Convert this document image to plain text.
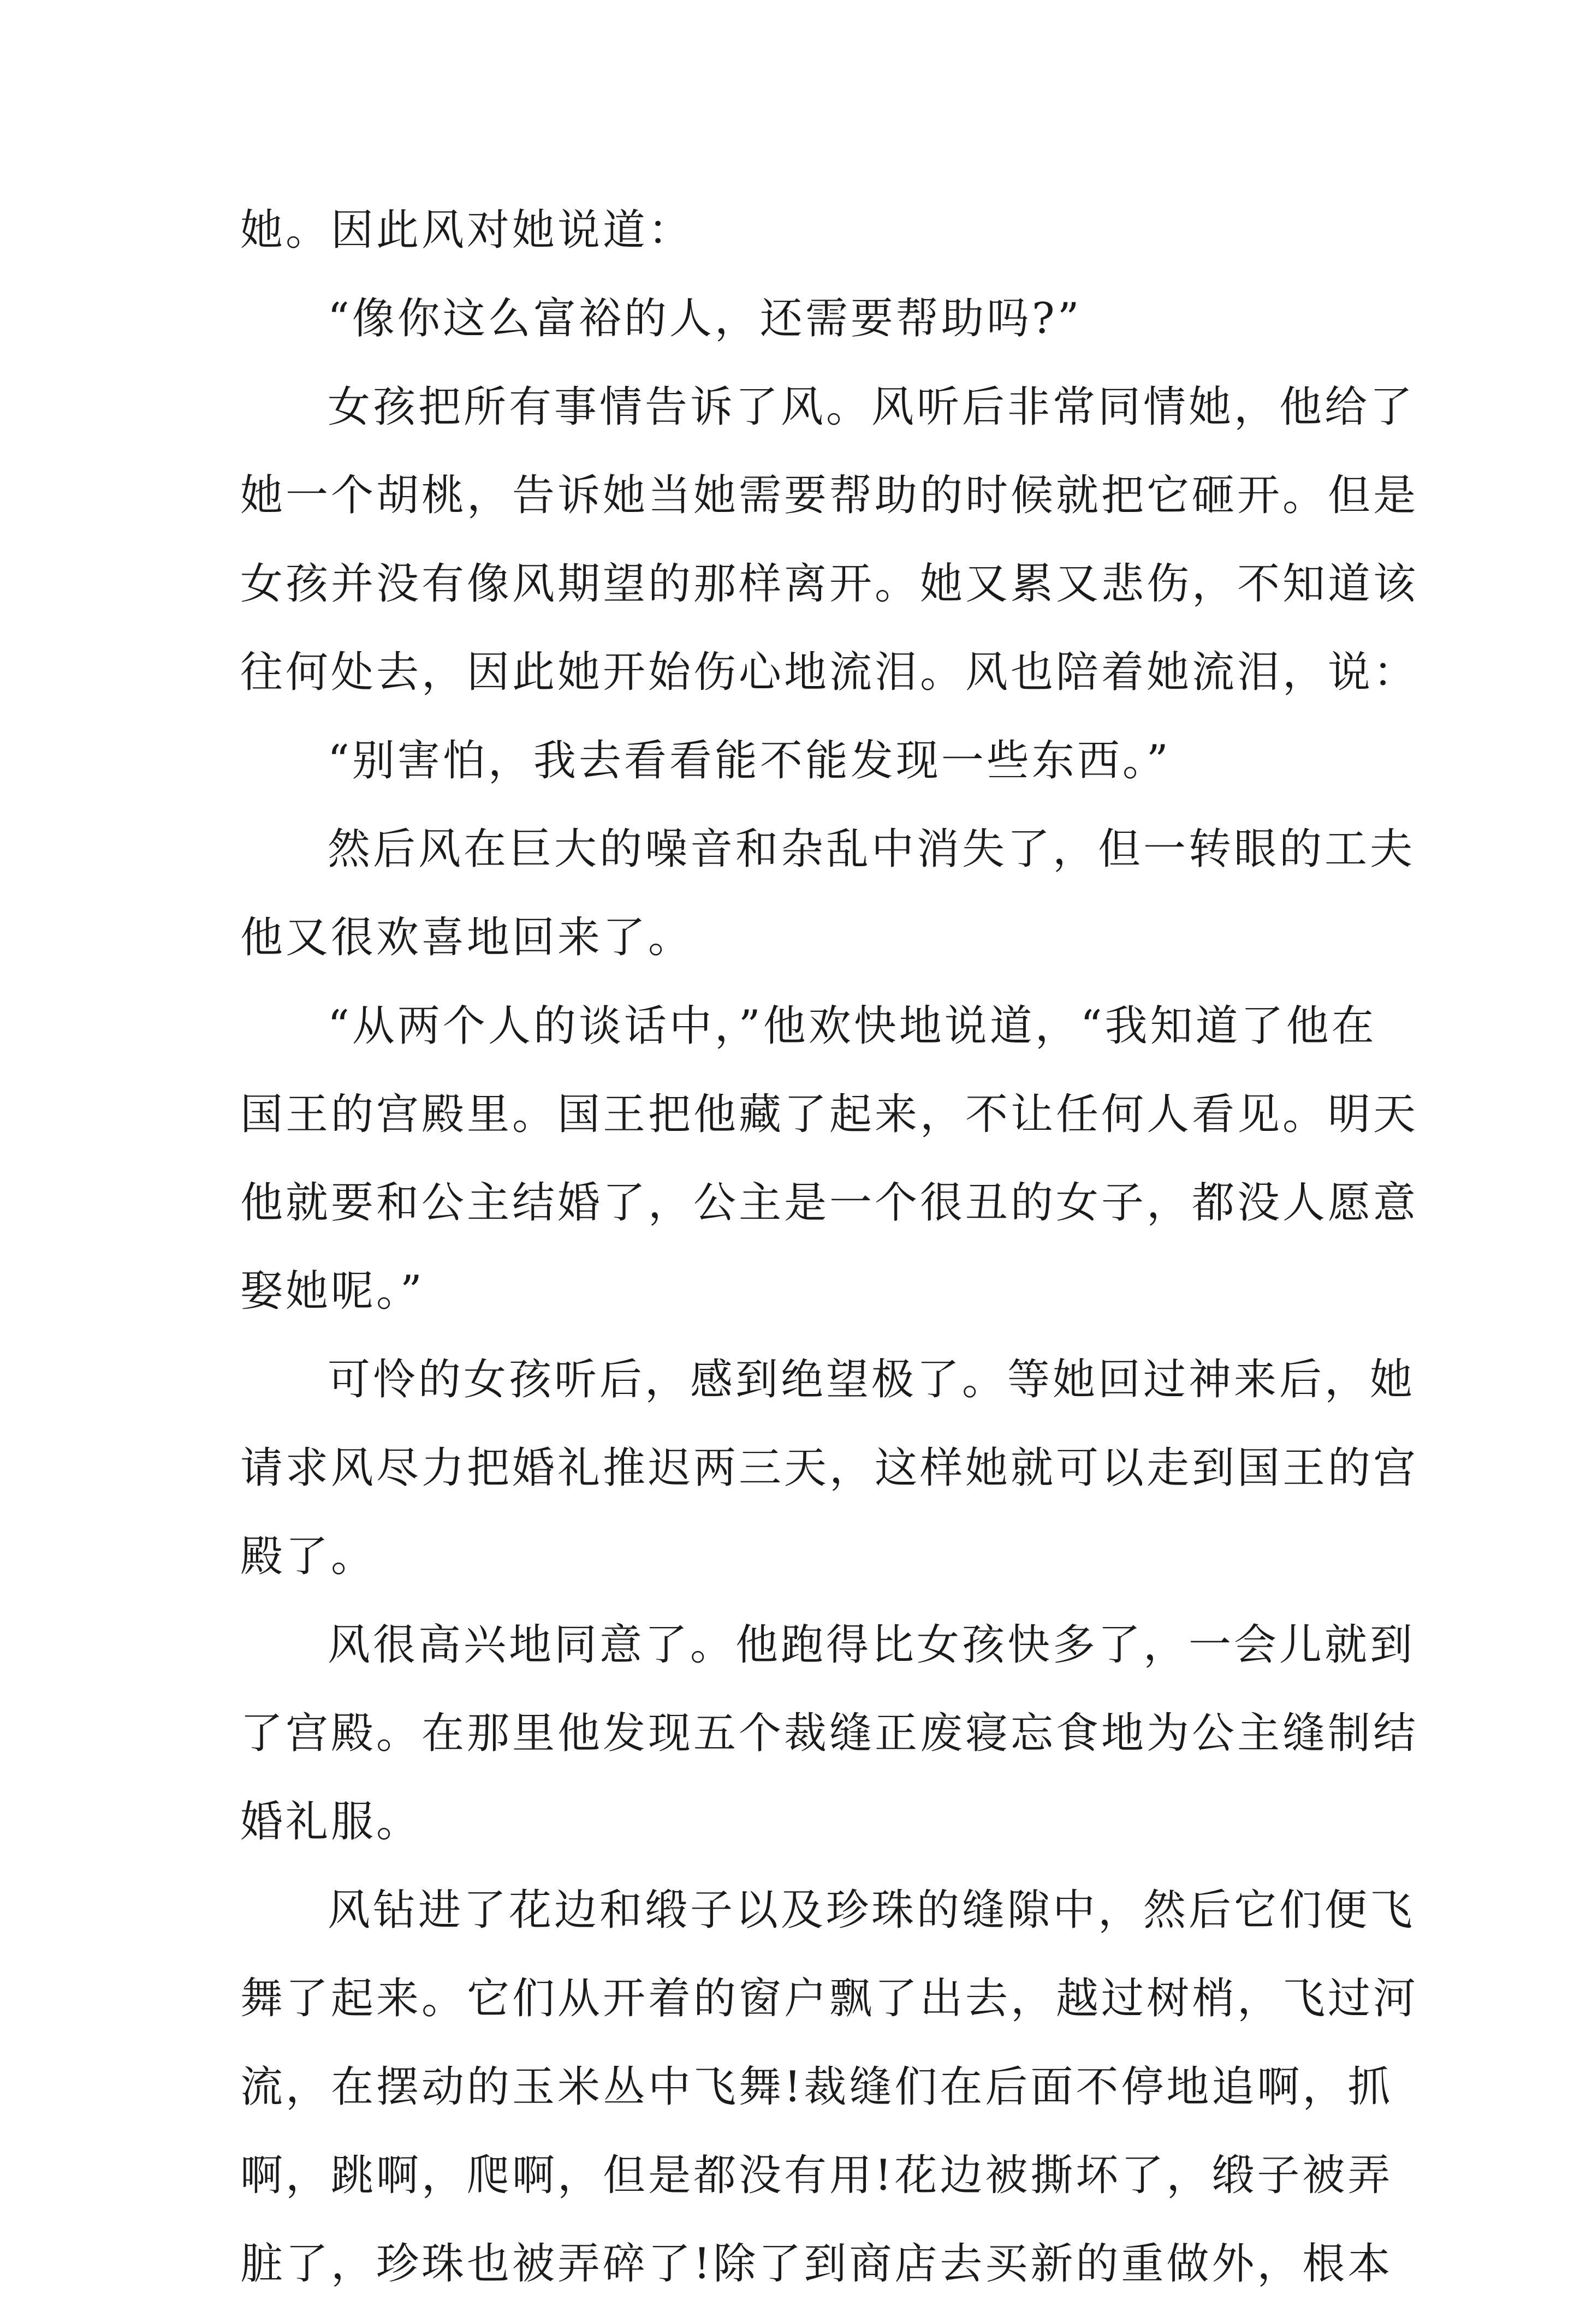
她。因此风对她说道：
“像你这么富裕的人，还需要帮助吗?”
女孩把所有事情告诉了风。风听后非常同情她，他给了
她一个胡桃，告诉她当她需要帮助的时候就把它砸开。但是
女孩并没有像风期望的那样离开。她又累又悲伤，不知道该
往何处去，因此她开始伤心地流泪。风也陪着她流泪，说：
“别害怕，我去看看能不能发现一些东西。”
然后风在巨大的噪音和杂乱中消失了，但一转眼的工夫
他又很欢喜地回来了。
“从两个人的谈话中，”他欢快地说道，“我知道了他在
国王的宫殿里。国王把他藏了起来，不让任何人看见。明天
他就要和公主结婚了，公主是一个很丑的女子，都没人愿意
娶她呢。”
可怜的女孩听后，感到绝望极了。等她回过神来后，她
请求风尽力把婚礼推迟两三天，这样她就可以走到国王的宫
殿了。
风很高兴地同意了。他跑得比女孩快多了，一会儿就到
了宫殿。在那里他发现五个裁缝正废寝忘食地为公主缝制结
婚礼服。
风钻进了花边和缎子以及珍珠的缝隙中，然后它们便飞
舞了起来。它们从开着的窗户飘了出去，越过树梢，飞过河
流，在摆动的玉米丛中飞舞!裁缝们在后面不停地追啊，抓
啊，跳啊，爬啊，但是都没有用!花边被撕坏了，缎子被弄
脏了，珍珠也被弄碎了!除了到商店去买新的重做外，根本
